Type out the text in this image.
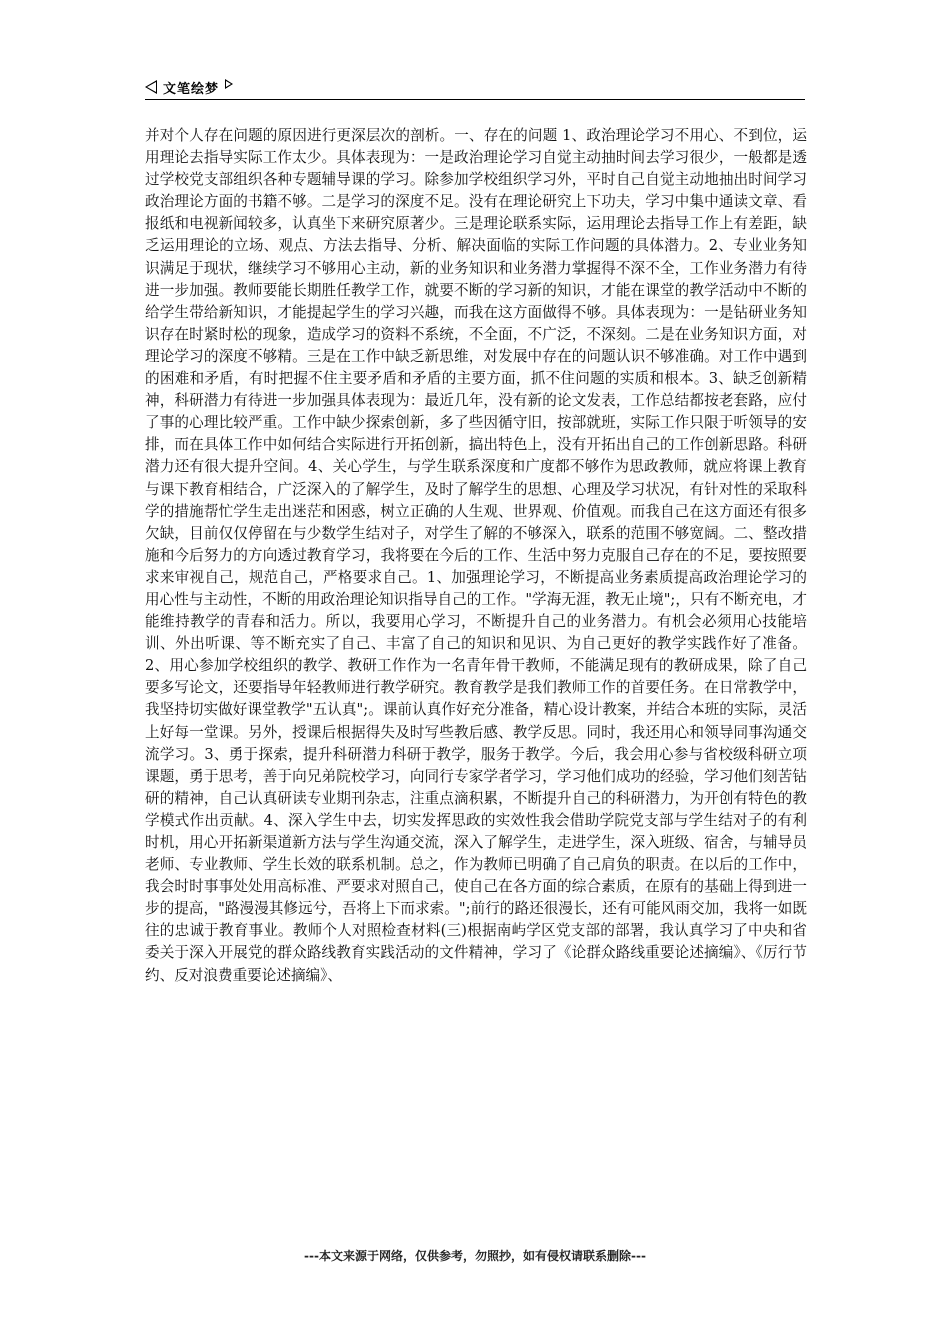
文笔绘梦

并对个人存在问题的原因进行更深层次的剖析。一、存在的问题 1、政治理论学习不用心、不到位，运用理论去指导实际工作太少。具体表现为：一是政治理论学习自觉主动抽时间去学习很少，一般都是透过学校党支部组织各种专题辅导课的学习。除参加学校组织学习外，平时自己自觉主动地抽出时间学习政治理论方面的书籍不够。二是学习的深度不足。没有在理论研究上下功夫，学习中集中通读文章、看报纸和电视新闻较多，认真坐下来研究原著少。三是理论联系实际，运用理论去指导工作上有差距，缺乏运用理论的立场、观点、方法去指导、分析、解决面临的实际工作问题的具体潜力。2、专业业务知识满足于现状，继续学习不够用心主动，新的业务知识和业务潜力掌握得不深不全，工作业务潜力有待进一步加强。教师要能长期胜任教学工作，就要不断的学习新的知识，才能在课堂的教学活动中不断的给学生带给新知识，才能提起学生的学习兴趣，而我在这方面做得不够。具体表现为：一是钻研业务知识存在时紧时松的现象，造成学习的资料不系统，不全面，不广泛，不深刻。二是在业务知识方面，对理论学习的深度不够精。三是在工作中缺乏新思维，对发展中存在的问题认识不够准确。对工作中遇到的困难和矛盾，有时把握不住主要矛盾和矛盾的主要方面，抓不住问题的实质和根本。3、缺乏创新精神，科研潜力有待进一步加强具体表现为：最近几年，没有新的论文发表，工作总结都按老套路，应付了事的心理比较严重。工作中缺少探索创新，多了些因循守旧，按部就班，实际工作只限于听领导的安排，而在具体工作中如何结合实际进行开拓创新，搞出特色上，没有开拓出自己的工作创新思路。科研潜力还有很大提升空间。4、关心学生，与学生联系深度和广度都不够作为思政教师，就应将课上教育与课下教育相结合，广泛深入的了解学生，及时了解学生的思想、心理及学习状况，有针对性的采取科学的措施帮忙学生走出迷茫和困惑，树立正确的人生观、世界观、价值观。而我自己在这方面还有很多欠缺，目前仅仅停留在与少数学生结对子，对学生了解的不够深入，联系的范围不够宽阔。二、整改措施和今后努力的方向透过教育学习，我将要在今后的工作、生活中努力克服自己存在的不足，要按照要求来审视自己，规范自己，严格要求自己。1、加强理论学习，不断提高业务素质提高政治理论学习的用心性与主动性，不断的用政治理论知识指导自己的工作。"学海无涯，教无止境";，只有不断充电，才能维持教学的青春和活力。所以，我要用心学习，不断提升自己的业务潜力。有机会必须用心技能培训、外出听课、等不断充实了自己、丰富了自己的知识和见识、为自己更好的教学实践作好了准备。2、用心参加学校组织的教学、教研工作作为一名青年骨干教师，不能满足现有的教研成果，除了自己要多写论文，还要指导年轻教师进行教学研究。教育教学是我们教师工作的首要任务。在日常教学中，我坚持切实做好课堂教学"五认真";。课前认真作好充分准备，精心设计教案，并结合本班的实际，灵活上好每一堂课。另外，授课后根据得失及时写些教后感、教学反思。同时，我还用心和领导同事沟通交流学习。3、勇于探索，提升科研潜力科研于教学，服务于教学。今后，我会用心参与省校级科研立项课题，勇于思考，善于向兄弟院校学习，向同行专家学者学习，学习他们成功的经验，学习他们刻苦钻研的精神，自己认真研读专业期刊杂志，注重点滴积累，不断提升自己的科研潜力，为开创有特色的教学模式作出贡献。4、深入学生中去，切实发挥思政的实效性我会借助学院党支部与学生结对子的有利时机，用心开拓新渠道新方法与学生沟通交流，深入了解学生，走进学生，深入班级、宿舍，与辅导员老师、专业教师、学生长效的联系机制。总之，作为教师已明确了自己肩负的职责。在以后的工作中，我会时时事事处处用高标准、严要求对照自己，使自己在各方面的综合素质，在原有的基础上得到进一步的提高，"路漫漫其修远兮，吾将上下而求索。";前行的路还很漫长，还有可能风雨交加，我将一如既往的忠诚于教育事业。教师个人对照检查材料(三)根据南屿学区党支部的部署，我认真学习了中央和省委关于深入开展党的群众路线教育实践活动的文件精神，学习了《论群众路线重要论述摘编》、《厉行节约、反对浪费重要论述摘编》、

---本文来源于网络，仅供参考，勿照抄，如有侵权请联系删除---
